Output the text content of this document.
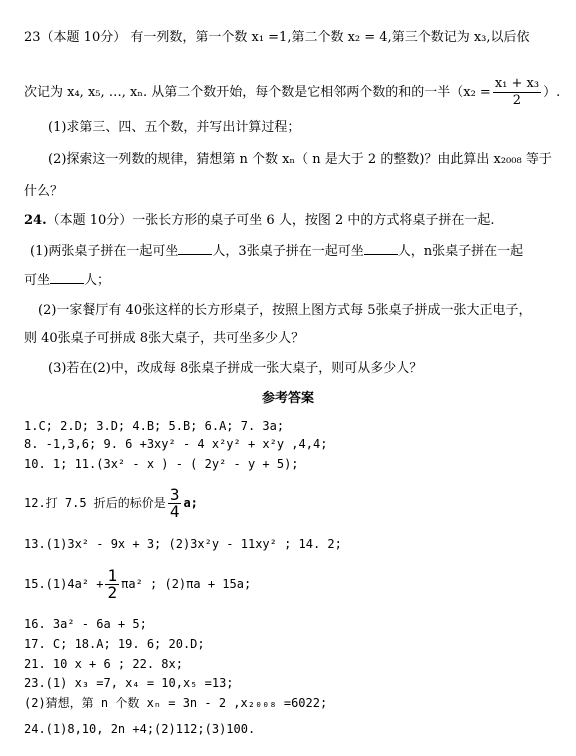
23（本题 10分） 有一列数，第一个数 x₁ =1,第二个数 x₂ = 4,第三个数记为 x₃,以后依
次记为 x₄, x₅, …, xₙ. 从第二个数开始，每个数是它相邻两个数的和的一半（$x_2 = \frac{\text{x₁ + x₃}}{2}$ ）.
(1)求第三、四、五个数，并写出计算过程；
(2)探索这一列数的规律，猜想第 n 个数 xₙ（ n 是大于 2 的整数)？由此算出 x₂₀₀₈ 等于
什么？
24.（本题 10分）一张长方形的桌子可坐 6 人，按图 2 中的方式将桌子拼在一起.
(1)两张桌子拼在一起可坐	人，3张桌子拼在一起可坐	人，n张桌子拼在一起
可坐	人；
(2)一家餐厅有 40张这样的长方形桌子，按照上图方式每 5张桌子拼成一张大正电子，
则 40张桌子可拼成 8张大桌子，共可坐多少人？
(3)若在(2)中，改成每 8张桌子拼成一张大桌子，则可从多少人？
参考答案
1.C; 2.D; 3.D; 4.B; 5.B; 6.A; 7. 3a;
8. -1,3,6; 9. 6 +3xy² - 4 x²y² + x²y ,4,4;
10. 1; 11.(3x² - x ) - ( 2y² - y + 5);
12.打 7.5 折后的标价是 $\frac{3}{4} a$;
13.(1)3x² - 9x + 3; (2)3x²y - 11xy² ; 14. 2;
$15.(1)4a^2 + \frac{1}{2} \pi a^2$ ; (2)πa + 15a;
16. 3a² - 6a + 5;
17. C; 18.A; 19. 6; 20.D;
21. 10 x + 6 ; 22. 8x;
23.(1) x₃ =7, x₄ = 10,x₅ =13;
(2)猜想，第 n 个数 xₙ = 3n - 2 ,x₂₀₀₈ =6022;
24.(1)8,10, 2n +4;(2)112;(3)100.
